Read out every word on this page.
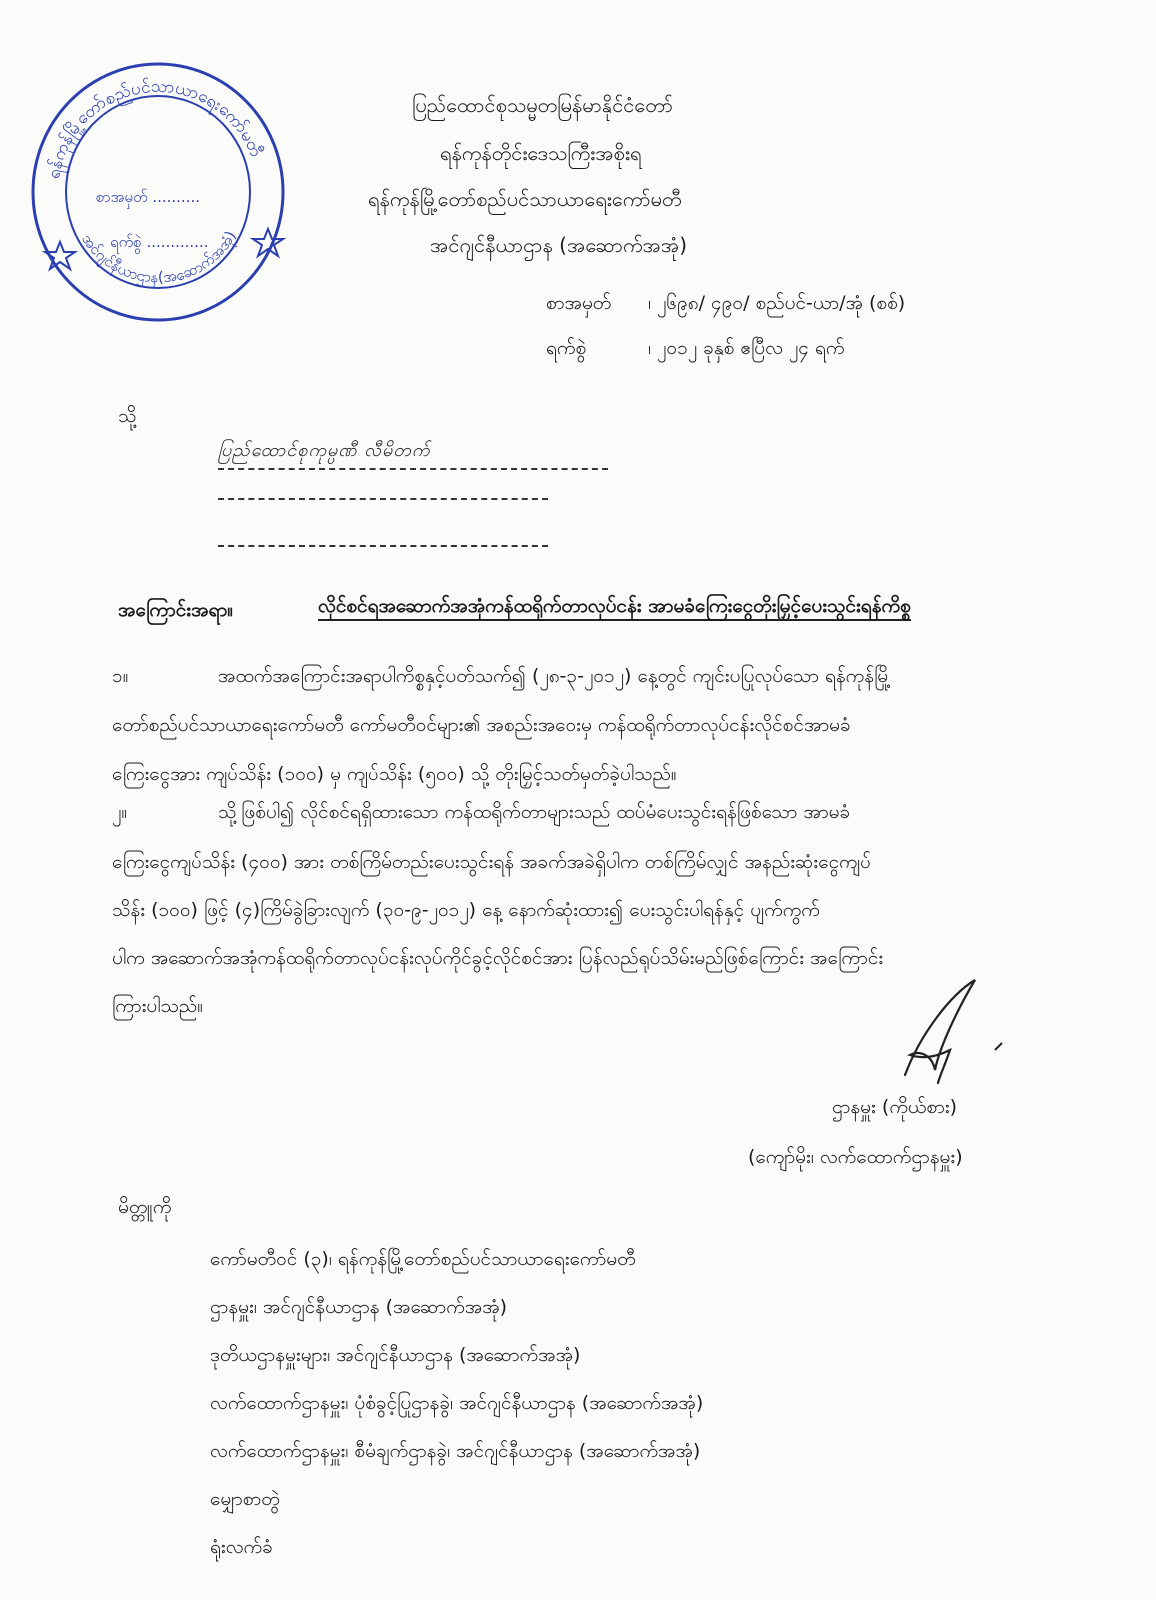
ရန်ကုန်မြို့တော်စည်ပင်သာယာရေးကော်မတီ
အင်ဂျင်နီယာဌာန(အဆောက်အအုံ)
စာအမှတ် ..........
ရက်စွဲ .............
ပြည်ထောင်စုသမ္မတမြန်မာနိုင်ငံတော်
ရန်ကုန်တိုင်းဒေသကြီးအစိုးရ
ရန်ကုန်မြို့တော်စည်ပင်သာယာရေးကော်မတီ
အင်ဂျင်နီယာဌာန (အဆောက်အအုံ)
စာအမှတ် ၊ ၂၆၉၈/ ၄၉၀/ စည်ပင်-ယာ/အုံ (စစ်)
ရက်စွဲ	၊ ၂၀၁၂ ခုနှစ် ဧပြီလ ၂၄ ရက်
သို့
ပြည်ထောင်စုကုမ္ပဏီ လီမိတက်
အကြောင်းအရာ။	လိုင်စင်ရအဆောက်အအုံကန်ထရိုက်တာလုပ်ငန်း အာမခံကြေးငွေတိုးမြှင့်ပေးသွင်းရန်ကိစ္စ
၁။	အထက်အကြောင်းအရာပါကိစ္စနှင့်ပတ်သက်၍ (၂၈-၃-၂၀၁၂) နေ့တွင် ကျင်းပပြုလုပ်သော ရန်ကုန်မြို့
တော်စည်ပင်သာယာရေးကော်မတီ ကော်မတီဝင်များ၏ အစည်းအဝေးမှ ကန်ထရိုက်တာလုပ်ငန်းလိုင်စင်အာမခံ
ကြေးငွေအား ကျပ်သိန်း (၁၀၀) မှ ကျပ်သိန်း (၅၀၀) သို့ တိုးမြှင့်သတ်မှတ်ခဲ့ပါသည်။
၂။	သို့ဖြစ်ပါ၍ လိုင်စင်ရရှိထားသော ကန်ထရိုက်တာများသည် ထပ်မံပေးသွင်းရန်ဖြစ်သော အာမခံ
ကြေးငွေကျပ်သိန်း (၄၀၀) အား တစ်ကြိမ်တည်းပေးသွင်းရန် အခက်အခဲရှိပါက တစ်ကြိမ်လျှင် အနည်းဆုံးငွေကျပ်
သိန်း (၁၀၀) ဖြင့် (၄)ကြိမ်ခွဲခြားလျက် (၃၀-၉-၂၀၁၂) နေ့ နောက်ဆုံးထား၍ ပေးသွင်းပါရန်နှင့် ပျက်ကွက်
ပါက အဆောက်အအုံကန်ထရိုက်တာလုပ်ငန်းလုပ်ကိုင်ခွင့်လိုင်စင်အား ပြန်လည်ရုပ်သိမ်းမည်ဖြစ်ကြောင်း အကြောင်း
ကြားပါသည်။
ဌာနမှူး (ကိုယ်စား)
(ကျော်မိုး၊ လက်ထောက်ဌာနမှူး)
မိတ္တူကို
ကော်မတီဝင် (၃)၊ ရန်ကုန်မြို့တော်စည်ပင်သာယာရေးကော်မတီ
ဌာနမှူး၊ အင်ဂျင်နီယာဌာန (အဆောက်အအုံ)
ဒုတိယဌာနမှူးများ၊ အင်ဂျင်နီယာဌာန (အဆောက်အအုံ)
လက်ထောက်ဌာနမှူး၊ ပုံစံခွင့်ပြုဌာနခွဲ၊ အင်ဂျင်နီယာဌာန (အဆောက်အအုံ)
လက်ထောက်ဌာနမှူး၊ စီမံချက်ဌာနခွဲ၊ အင်ဂျင်နီယာဌာန (အဆောက်အအုံ)
မျှောစာတွဲ
ရုံးလက်ခံ
